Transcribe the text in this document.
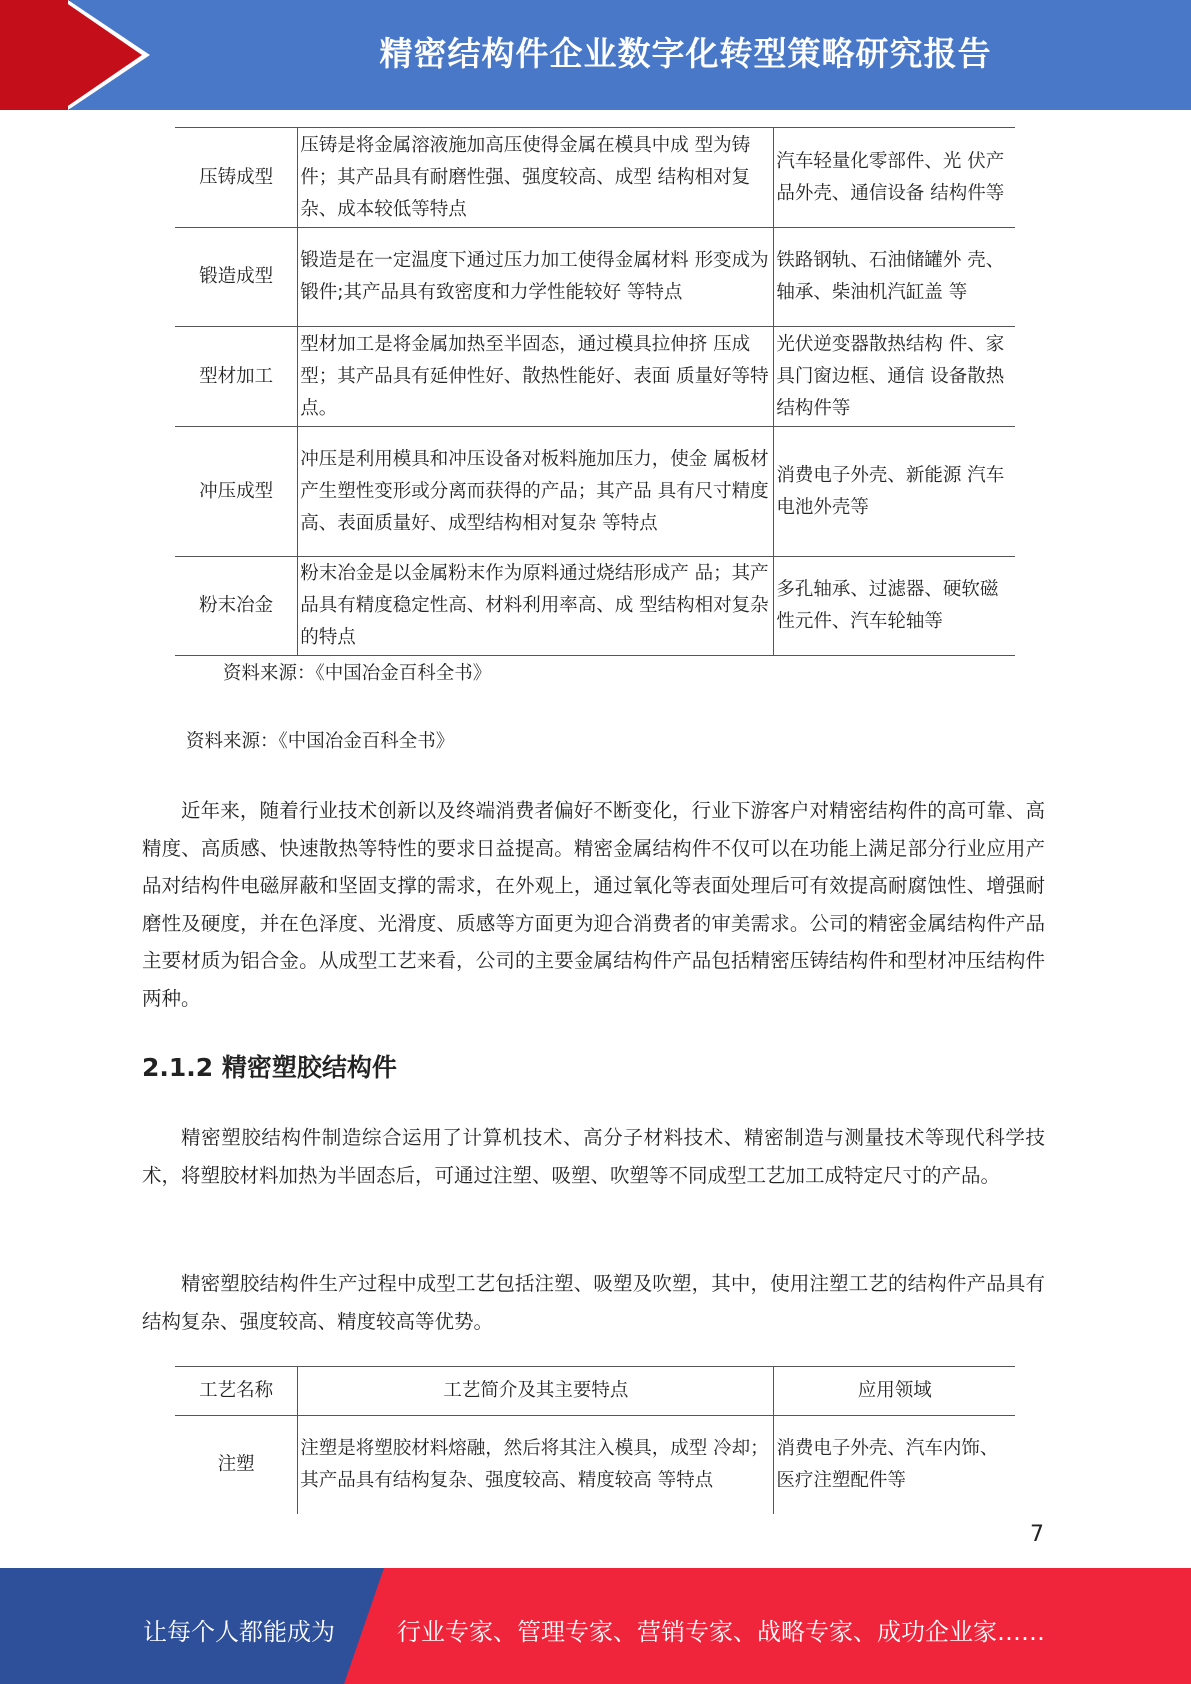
精密结构件企业数字化转型策略研究报告
压铸成型	压铸是将金属溶液施加高压使得金属在模具中成 型为铸件；其产品具有耐磨性强、强度较高、成型 结构相对复杂、成本较低等特点	汽车轻量化零部件、光 伏产品外壳、通信设备 结构件等
锻造成型	锻造是在一定温度下通过压力加工使得金属材料 形变成为锻件;其产品具有致密度和力学性能较好 等特点	铁路钢轨、石油储罐外 壳、轴承、柴油机汽缸盖 等
型材加工	型材加工是将金属加热至半固态，通过模具拉伸挤 压成型；其产品具有延伸性好、散热性能好、表面 质量好等特点。	光伏逆变器散热结构 件、家具门窗边框、通信 设备散热结构件等
冲压成型	冲压是利用模具和冲压设备对板料施加压力，使金 属板材产生塑性变形或分离而获得的产品；其产品 具有尺寸精度高、表面质量好、成型结构相对复杂 等特点	消费电子外壳、新能源 汽车电池外壳等
粉末冶金	粉末冶金是以金属粉末作为原料通过烧结形成产 品；其产品具有精度稳定性高、材料利用率高、成 型结构相对复杂的特点	多孔轴承、过滤器、硬软磁性元件、汽车轮轴等
资料来源：《中国冶金百科全书》
资料来源：《中国冶金百科全书》

近年来，随着行业技术创新以及终端消费者偏好不断变化，行业下游客户对精密结构件的高可靠、高精度、高质感、快速散热等特性的要求日益提高。精密金属结构件不仅可以在功能上满足部分行业应用产品对结构件电磁屏蔽和坚固支撑的需求，在外观上，通过氧化等表面处理后可有效提高耐腐蚀性、增强耐磨性及硬度，并在色泽度、光滑度、质感等方面更为迎合消费者的审美需求。公司的精密金属结构件产品主要材质为铝合金。从成型工艺来看，公司的主要金属结构件产品包括精密压铸结构件和型材冲压结构件两种。

2.1.2 精密塑胶结构件

精密塑胶结构件制造综合运用了计算机技术、高分子材料技术、精密制造与测量技术等现代科学技术，将塑胶材料加热为半固态后，可通过注塑、吸塑、吹塑等不同成型工艺加工成特定尺寸的产品。

精密塑胶结构件生产过程中成型工艺包括注塑、吸塑及吹塑，其中，使用注塑工艺的结构件产品具有结构复杂、强度较高、精度较高等优势。

工艺名称	工艺简介及其主要特点	应用领域
注塑	注塑是将塑胶材料熔融，然后将其注入模具，成型 冷却；其产品具有结构复杂、强度较高、精度较高 等特点	消费电子外壳、汽车内饰、医疗注塑配件等
7
让每个人都能成为	行业专家、管理专家、营销专家、战略专家、成功企业家……
